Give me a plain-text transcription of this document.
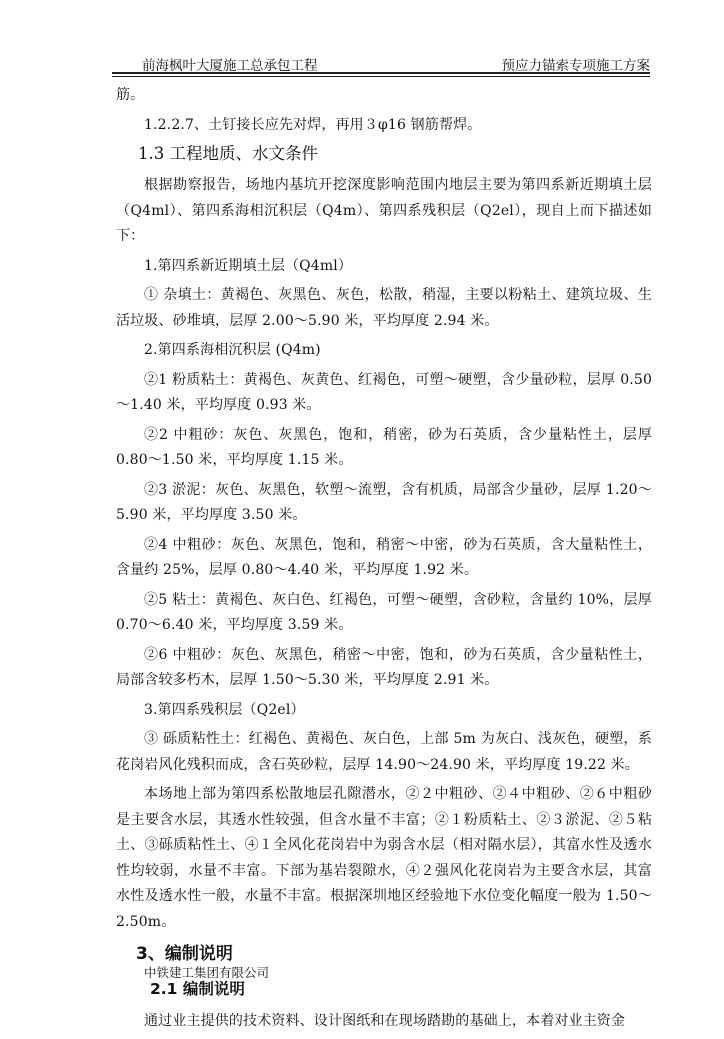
前海枫叶大厦施工总承包工程	预应力锚索专项施工方案

筋。

1.2.2.7、土钉接长应先对焊，再用３φ16 钢筋帮焊。

1.3 工程地质、水文条件

根据勘察报告，场地内基坑开挖深度影响范围内地层主要为第四系新近期填土层（Q4ml）、第四系海相沉积层（Q4m）、第四系残积层（Q2el），现自上而下描述如下：

1.第四系新近期填土层（Q4ml）

① 杂填土：黄褐色、灰黑色、灰色，松散，稍湿，主要以粉粘土、建筑垃圾、生活垃圾、砂堆填，层厚 2.00～5.90 米，平均厚度 2.94 米。

2.第四系海相沉积层 (Q4m)

②1 粉质粘土：黄褐色、灰黄色、红褐色，可塑～硬塑，含少量砂粒，层厚 0.50～1.40 米，平均厚度 0.93 米。

②2 中粗砂：灰色、灰黑色，饱和，稍密，砂为石英质，含少量粘性土，层厚 0.80～1.50 米，平均厚度 1.15 米。

②3 淤泥：灰色、灰黑色，软塑～流塑，含有机质，局部含少量砂，层厚 1.20～5.90 米，平均厚度 3.50 米。

②4 中粗砂：灰色、灰黑色，饱和，稍密～中密，砂为石英质，含大量粘性土，含量约 25%，层厚 0.80～4.40 米，平均厚度 1.92 米。

②5 粘土：黄褐色、灰白色、红褐色，可塑～硬塑，含砂粒，含量约 10%，层厚 0.70～6.40 米，平均厚度 3.59 米。

②6 中粗砂：灰色、灰黑色，稍密～中密，饱和，砂为石英质，含少量粘性土，局部含较多朽木，层厚 1.50～5.30 米，平均厚度 2.91 米。

3.第四系残积层（Q2el）

③ 砾质粘性土：红褐色、黄褐色、灰白色，上部 5m 为灰白、浅灰色，硬塑，系花岗岩风化残积而成，含石英砂粒，层厚 14.90～24.90 米，平均厚度 19.22 米。

本场地上部为第四系松散地层孔隙潜水，②２中粗砂、②４中粗砂、②６中粗砂是主要含水层，其透水性较强，但含水量不丰富；②１粉质粘土、②３淤泥、②５粘土、③砾质粘性土、④１全风化花岗岩中为弱含水层（相对隔水层），其富水性及透水性均较弱，水量不丰富。下部为基岩裂隙水，④２强风化花岗岩为主要含水层，其富水性及透水性一般，水量不丰富。根据深圳地区经验地下水位变化幅度一般为 1.50～2.50m。

3、编制说明

2.1 编制说明

通过业主提供的技术资料、设计图纸和在现场踏勘的基础上，本着对业主资金

中铁建工集团有限公司
